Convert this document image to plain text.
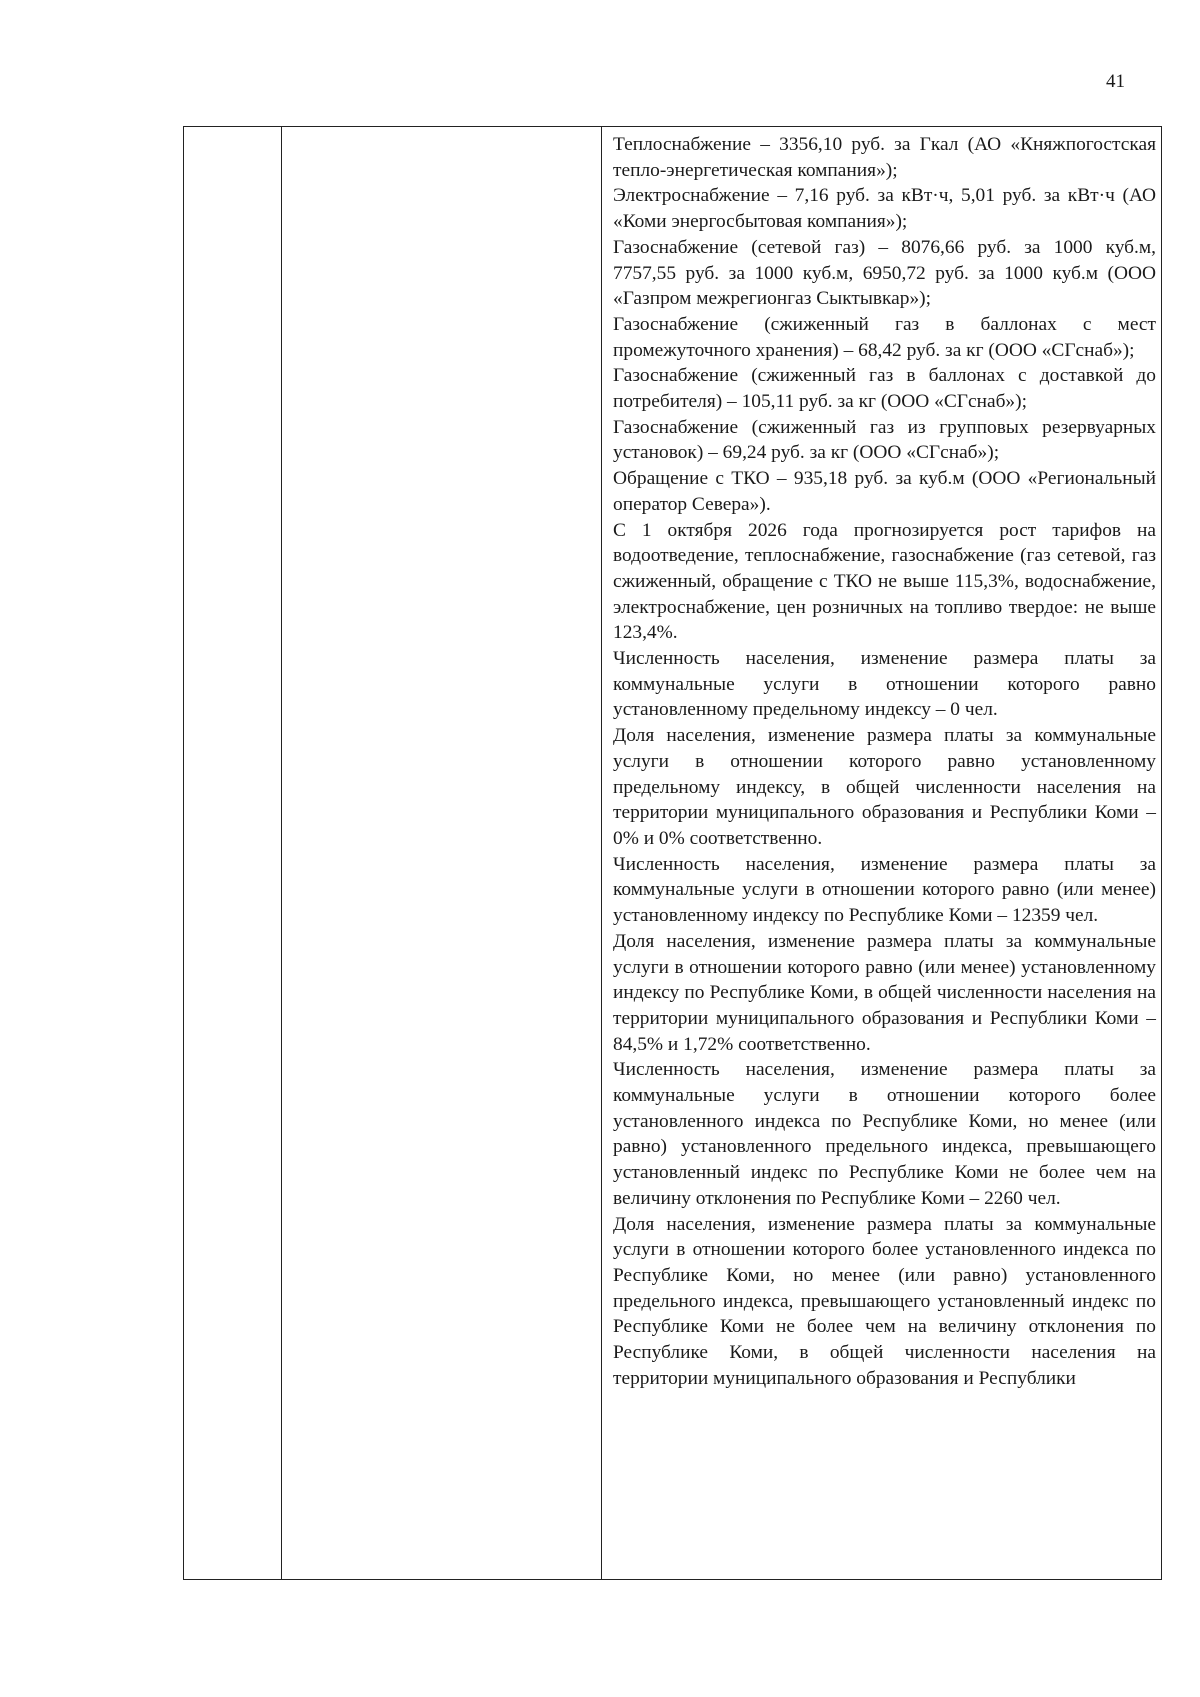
41

Теплоснабжение – 3356,10 руб. за Гкал (АО «Княжпогостская тепло-энергетическая компания»);

Электроснабжение – 7,16 руб. за кВт·ч, 5,01 руб. за кВт·ч (АО «Коми энергосбытовая компания»);

Газоснабжение (сетевой газ) – 8076,66 руб. за 1000 куб.м, 7757,55 руб. за 1000 куб.м, 6950,72 руб. за 1000 куб.м (ООО «Газпром межрегионгаз Сыктывкар»);

Газоснабжение (сжиженный газ в баллонах с мест промежуточного хранения) – 68,42 руб. за кг (ООО «СГснаб»);

Газоснабжение (сжиженный газ в баллонах с доставкой до потребителя) – 105,11 руб. за кг (ООО «СГснаб»);

Газоснабжение (сжиженный газ из групповых резервуарных установок) – 69,24 руб. за кг (ООО «СГснаб»);

Обращение с ТКО – 935,18 руб. за куб.м (ООО «Региональный оператор Севера»).

С 1 октября 2026 года прогнозируется рост тарифов на водоотведение, теплоснабжение, газоснабжение (газ сетевой, газ сжиженный, обращение с ТКО не выше 115,3%, водоснабжение, электроснабжение, цен розничных на топливо твердое: не выше 123,4%.

Численность населения, изменение размера платы за коммунальные услуги в отношении которого равно установленному предельному индексу – 0 чел.

Доля населения, изменение размера платы за коммунальные услуги в отношении которого равно установленному предельному индексу, в общей численности населения на территории муниципального образования и Республики Коми – 0% и 0% соответственно.

Численность населения, изменение размера платы за коммунальные услуги в отношении которого равно (или менее) установленному индексу по Республике Коми – 12359 чел.

Доля населения, изменение размера платы за коммунальные услуги в отношении которого равно (или менее) установленному индексу по Республике Коми, в общей численности населения на территории муниципального образования и Республики Коми – 84,5% и 1,72% соответственно.

Численность населения, изменение размера платы за коммунальные услуги в отношении которого более установленного индекса по Республике Коми, но менее (или равно) установленного предельного индекса, превышающего установленный индекс по Республике Коми не более чем на величину отклонения по Республике Коми – 2260 чел.

Доля населения, изменение размера платы за коммунальные услуги в отношении которого более установленного индекса по Республике Коми, но менее (или равно) установленного предельного индекса, превышающего установленный индекс по Республике Коми не более чем на величину отклонения по Республике Коми, в общей численности населения на территории муниципального образования и Республики
